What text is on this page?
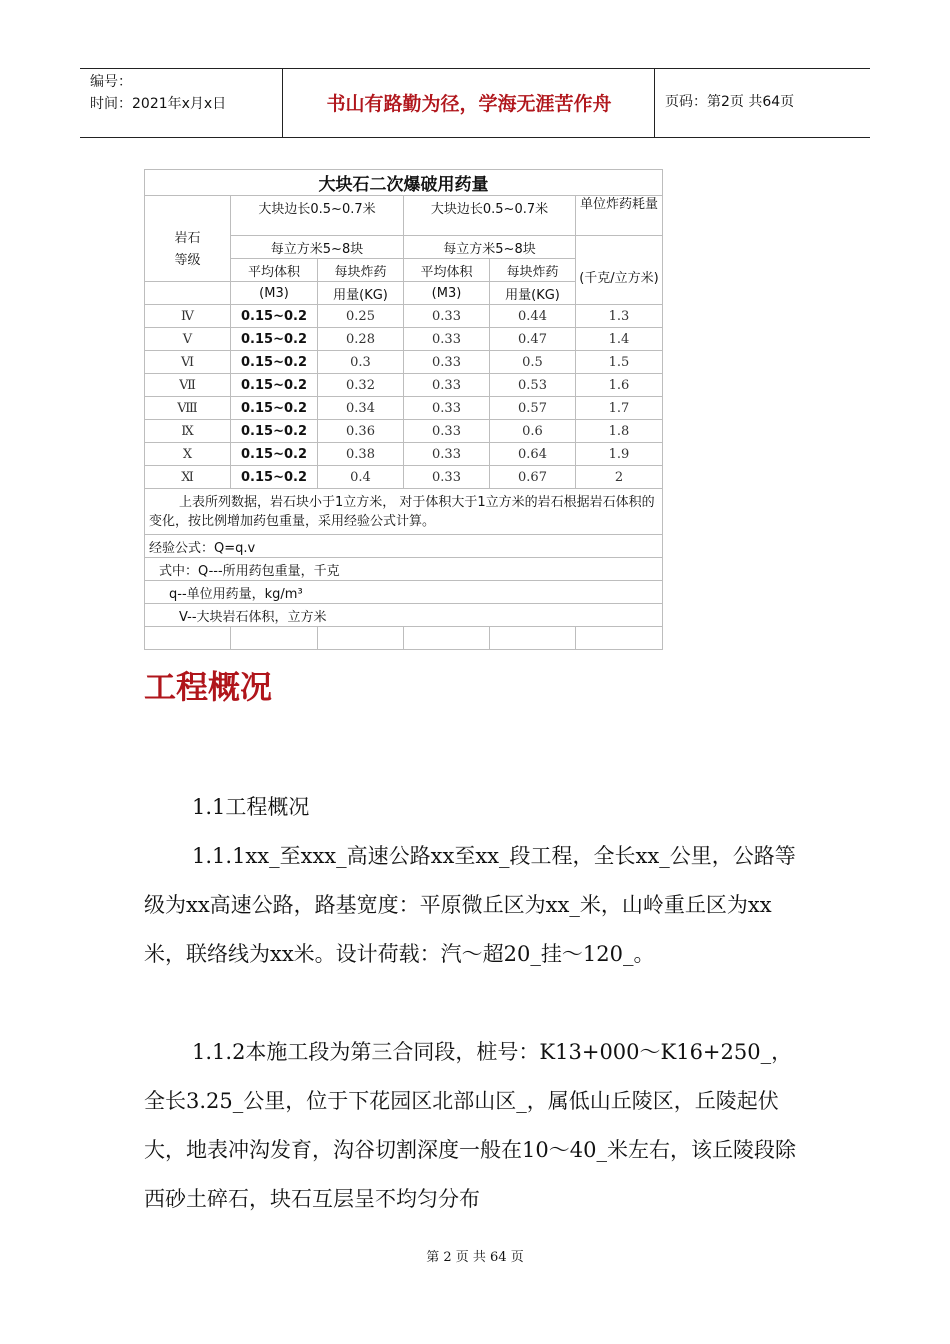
编号：
时间：2021年x月x日	书山有路勤为径，学海无涯苦作舟	页码：第2页 共64页
大块石二次爆破用药量					

岩石
等级	大块边长0.5~0.7米		大块边长0.5~0.7米		单位炸药耗量
	每立方米5~8块		每立方米5~8块		(千克/立方米)
	平均体积	每块炸药	平均体积	每块炸药	
	(M3)	用量(KG)	(M3)	用量(KG)	
Ⅳ	0.15~0.2	0.25	0.33	0.44	1.3
Ⅴ	0.15~0.2	0.28	0.33	0.47	1.4
Ⅵ	0.15~0.2	0.3	0.33	0.5	1.5
Ⅶ	0.15~0.2	0.32	0.33	0.53	1.6
Ⅷ	0.15~0.2	0.34	0.33	0.57	1.7
Ⅸ	0.15~0.2	0.36	0.33	0.6	1.8
Ⅹ	0.15~0.2	0.38	0.33	0.64	1.9
Ⅺ	0.15~0.2	0.4	0.33	0.67	2
上表所列数据，岩石块小于1立方米， 对于体积大于1立方米的岩石根据岩石体积的变化，按比例增加药包重量，采用经验公式计算。					
经验公式：Q=q.v					
式中：Q---所用药包重量，千克					
q--单位用药量，kg/m³					
V--大块岩石体积，立方米					

工程概况

1.1工程概况

1.1.1xx_至xxx_高速公路xx至xx_段工程，全长xx_公里，公路等级为xx高速公路，路基宽度：平原微丘区为xx_米，山岭重丘区为xx米，联络线为xx米。设计荷载：汽～超20_挂～120_。

1.1.2本施工段为第三合同段，桩号：K13+000～K16+250_，全长3.25_公里，位于下花园区北部山区_，属低山丘陵区，丘陵起伏大，地表冲沟发育，沟谷切割深度一般在10～40_米左右，该丘陵段除西砂土碎石，块石互层呈不均匀分布

第 2 页 共 64 页
